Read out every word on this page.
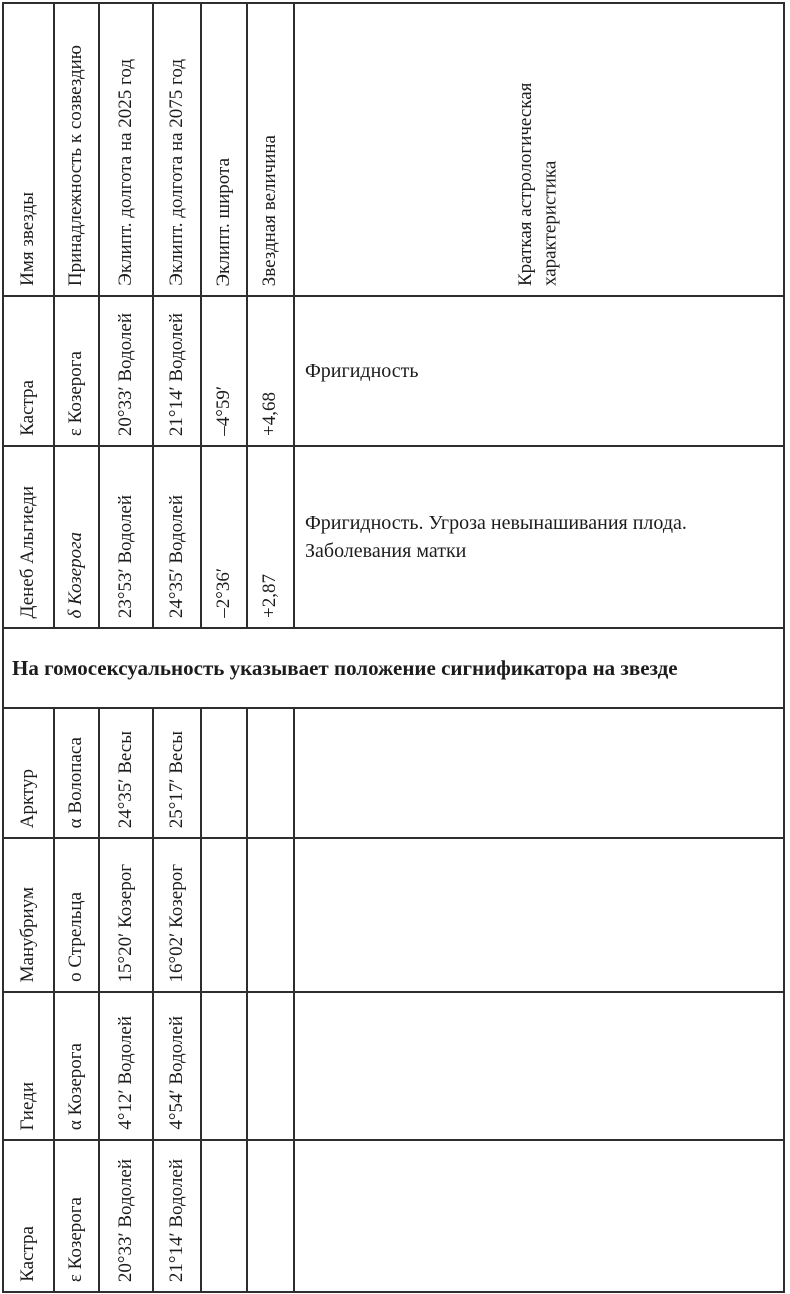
Имя звезды Принадлежность к созвездию Эклипт. долгота на 2025 год Эклипт. долгота на 2075 год Эклипт. широта Звездная величина	Краткая астрологическая характеристика
Кастра ε Козерога 20°33′ Водолей 21°14′ Водолей –4°59′ +4,68
Фригидность
Денеб Альгиеди δ Козерога 23°53′ Водолей 24°35′ Водолей –2°36′ +2,87
Фригидность. Угроза невынашивания плода. Заболевания матки
На гомосексуальность указывает положение сигнификатора на звезде
Арктур α Волопаса 24°35′ Весы 25°17′ Весы
Манубриум о Стрельца 15°20′ Козерог 16°02′ Козерог
Гиеди α Козерога 4°12′ Водолей 4°54′ Водолей
Кастра ε Козерога 20°33′ Водолей 21°14′ Водолей
